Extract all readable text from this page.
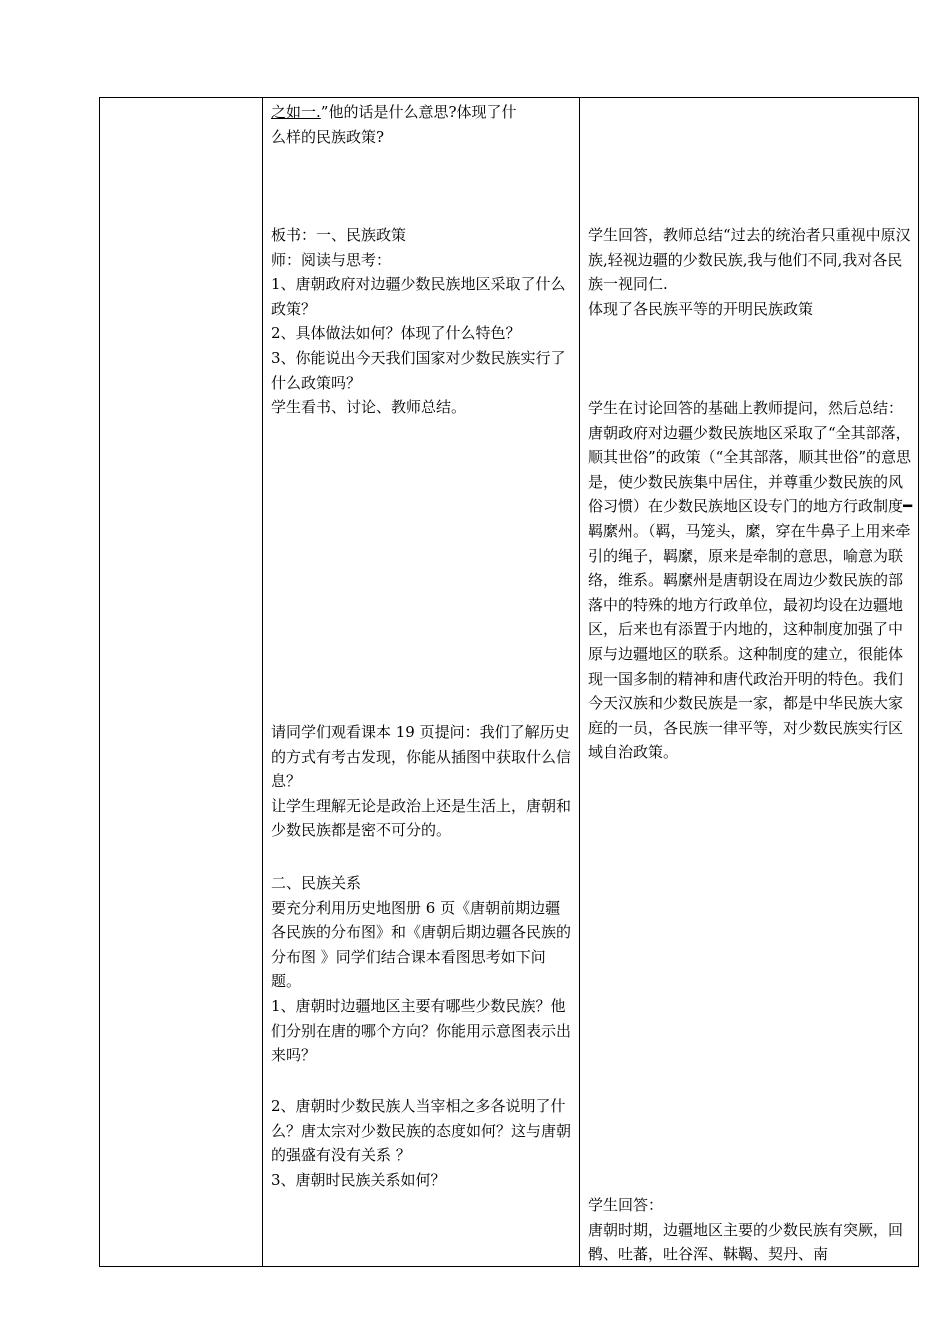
之如一.”他的话是什么意思?体现了什

么样的民族政策?

板书：一、民族政策

师：阅读与思考：

1、唐朝政府对边疆少数民族地区采取了什么政策？

2、具体做法如何？体现了什么特色？

3、你能说出今天我们国家对少数民族实行了什么政策吗？

学生看书、讨论、教师总结。

请同学们观看课本 19 页提问：我们了解历史的方式有考古发现，你能从插图中获取什么信息？

让学生理解无论是政治上还是生活上，唐朝和少数民族都是密不可分的。

二、民族关系

要充分利用历史地图册 6 页《唐朝前期边疆各民族的分布图》和《唐朝后期边疆各民族的分布图 》同学们结合课本看图思考如下问题。

1、唐朝时边疆地区主要有哪些少数民族？他们分别在唐的哪个方向？你能用示意图表示出来吗？

2、唐朝时少数民族人当宰相之多各说明了什么？唐太宗对少数民族的态度如何？这与唐朝的强盛有没有关系 ？

3、唐朝时民族关系如何？

学生回答，教师总结“过去的统治者只重视中原汉族,轻视边疆的少数民族,我与他们不同,我对各民族一视同仁.

体现了各民族平等的开明民族政策

学生在讨论回答的基础上教师提问，然后总结：

唐朝政府对边疆少数民族地区采取了“全其部落，顺其世俗”的政策（“全其部落，顺其世俗”的意思是，使少数民族集中居住，并尊重少数民族的风俗习惯）在少数民族地区设专门的地方行政制度━羁縻州。（羁，马笼头，縻，穿在牛鼻子上用来牵引的绳子，羁縻，原来是牵制的意思，喻意为联络，维系。羁縻州是唐朝设在周边少数民族的部落中的特殊的地方行政单位，最初均设在边疆地区，后来也有添置于内地的，这种制度加强了中原与边疆地区的联系。这种制度的建立，很能体现一国多制的精神和唐代政治开明的特色。我们今天汉族和少数民族是一家，都是中华民族大家庭的一员，各民族一律平等，对少数民族实行区域自治政策。

学生回答：

唐朝时期，边疆地区主要的少数民族有突厥，回鹘、吐蕃，吐谷浑、靺鞨、契丹、南
